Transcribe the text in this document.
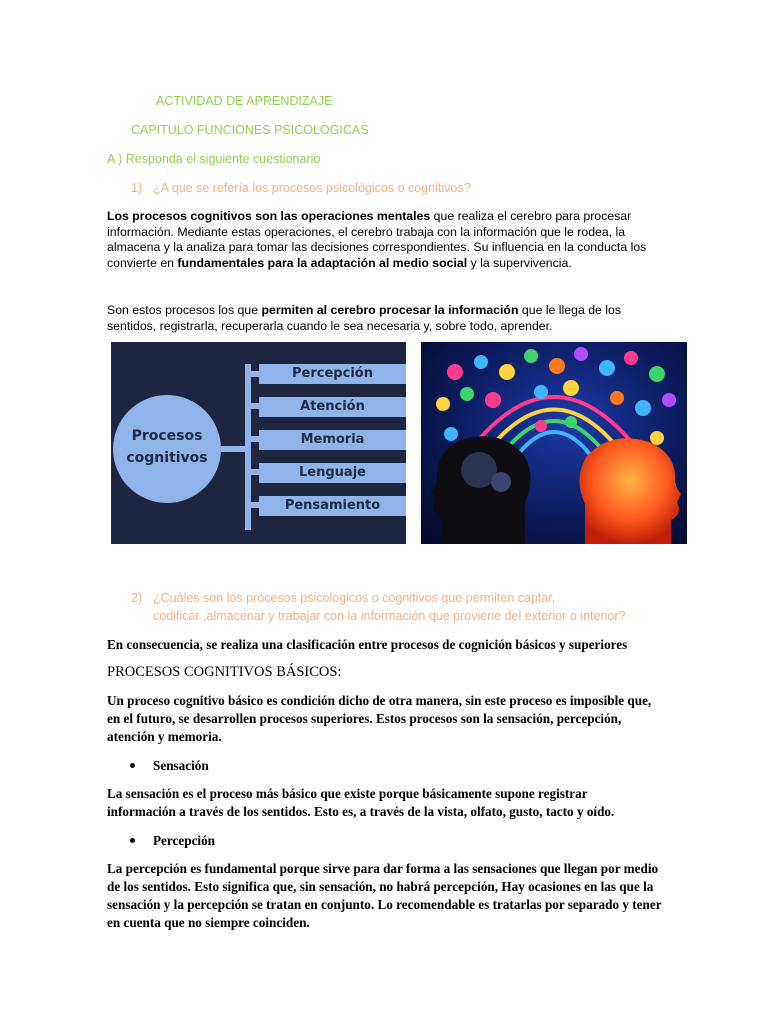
ACTIVIDAD DE APRENDIZAJE
CAPITULO FUNCIONES PSICOLOGICAS
A ) Responda el siguiente cuestionario
1) ¿A que se refería los procesos psicológicos o cognitivos?

Los procesos cognitivos son las operaciones mentales que realiza el cerebro para procesar información. Mediante estas operaciones, el cerebro trabaja con la información que le rodea, la almacena y la analiza para tomar las decisiones correspondientes. Su influencia en la conducta los convierte en fundamentales para la adaptación al medio social y la supervivencia.

Son estos procesos los que permiten al cerebro procesar la información que le llega de los sentidos, registrarla, recuperarla cuando le sea necesaria y, sobre todo, aprender.

Procesos
cognitivos
Percepción
Atención
Memoria
Lenguaje
Pensamiento
2) ¿Cuáles son los procesos psicológicos o cognitivos que permiten captar,
codificar ,almacenar y trabajar con la información que proviene del exterior o interior?

En consecuencia, se realiza una clasificación entre procesos de cognición básicos y superiores

PROCESOS COGNITIVOS BÁSICOS:

Un proceso cognitivo básico es condición dicho de otra manera, sin este proceso es imposible que, en el futuro, se desarrollen procesos superiores. Estos procesos son la sensación, percepción, atención y memoria.

Sensación

La sensación es el proceso más básico que existe porque básicamente supone registrar información a través de los sentidos. Esto es, a través de la vista, olfato, gusto, tacto y oído.

Percepción

La percepción es fundamental porque sirve para dar forma a las sensaciones que llegan por medio de los sentidos. Esto significa que, sin sensación, no habrá percepción, Hay ocasiones en las que la sensación y la percepción se tratan en conjunto. Lo recomendable es tratarlas por separado y tener en cuenta que no siempre coinciden.
